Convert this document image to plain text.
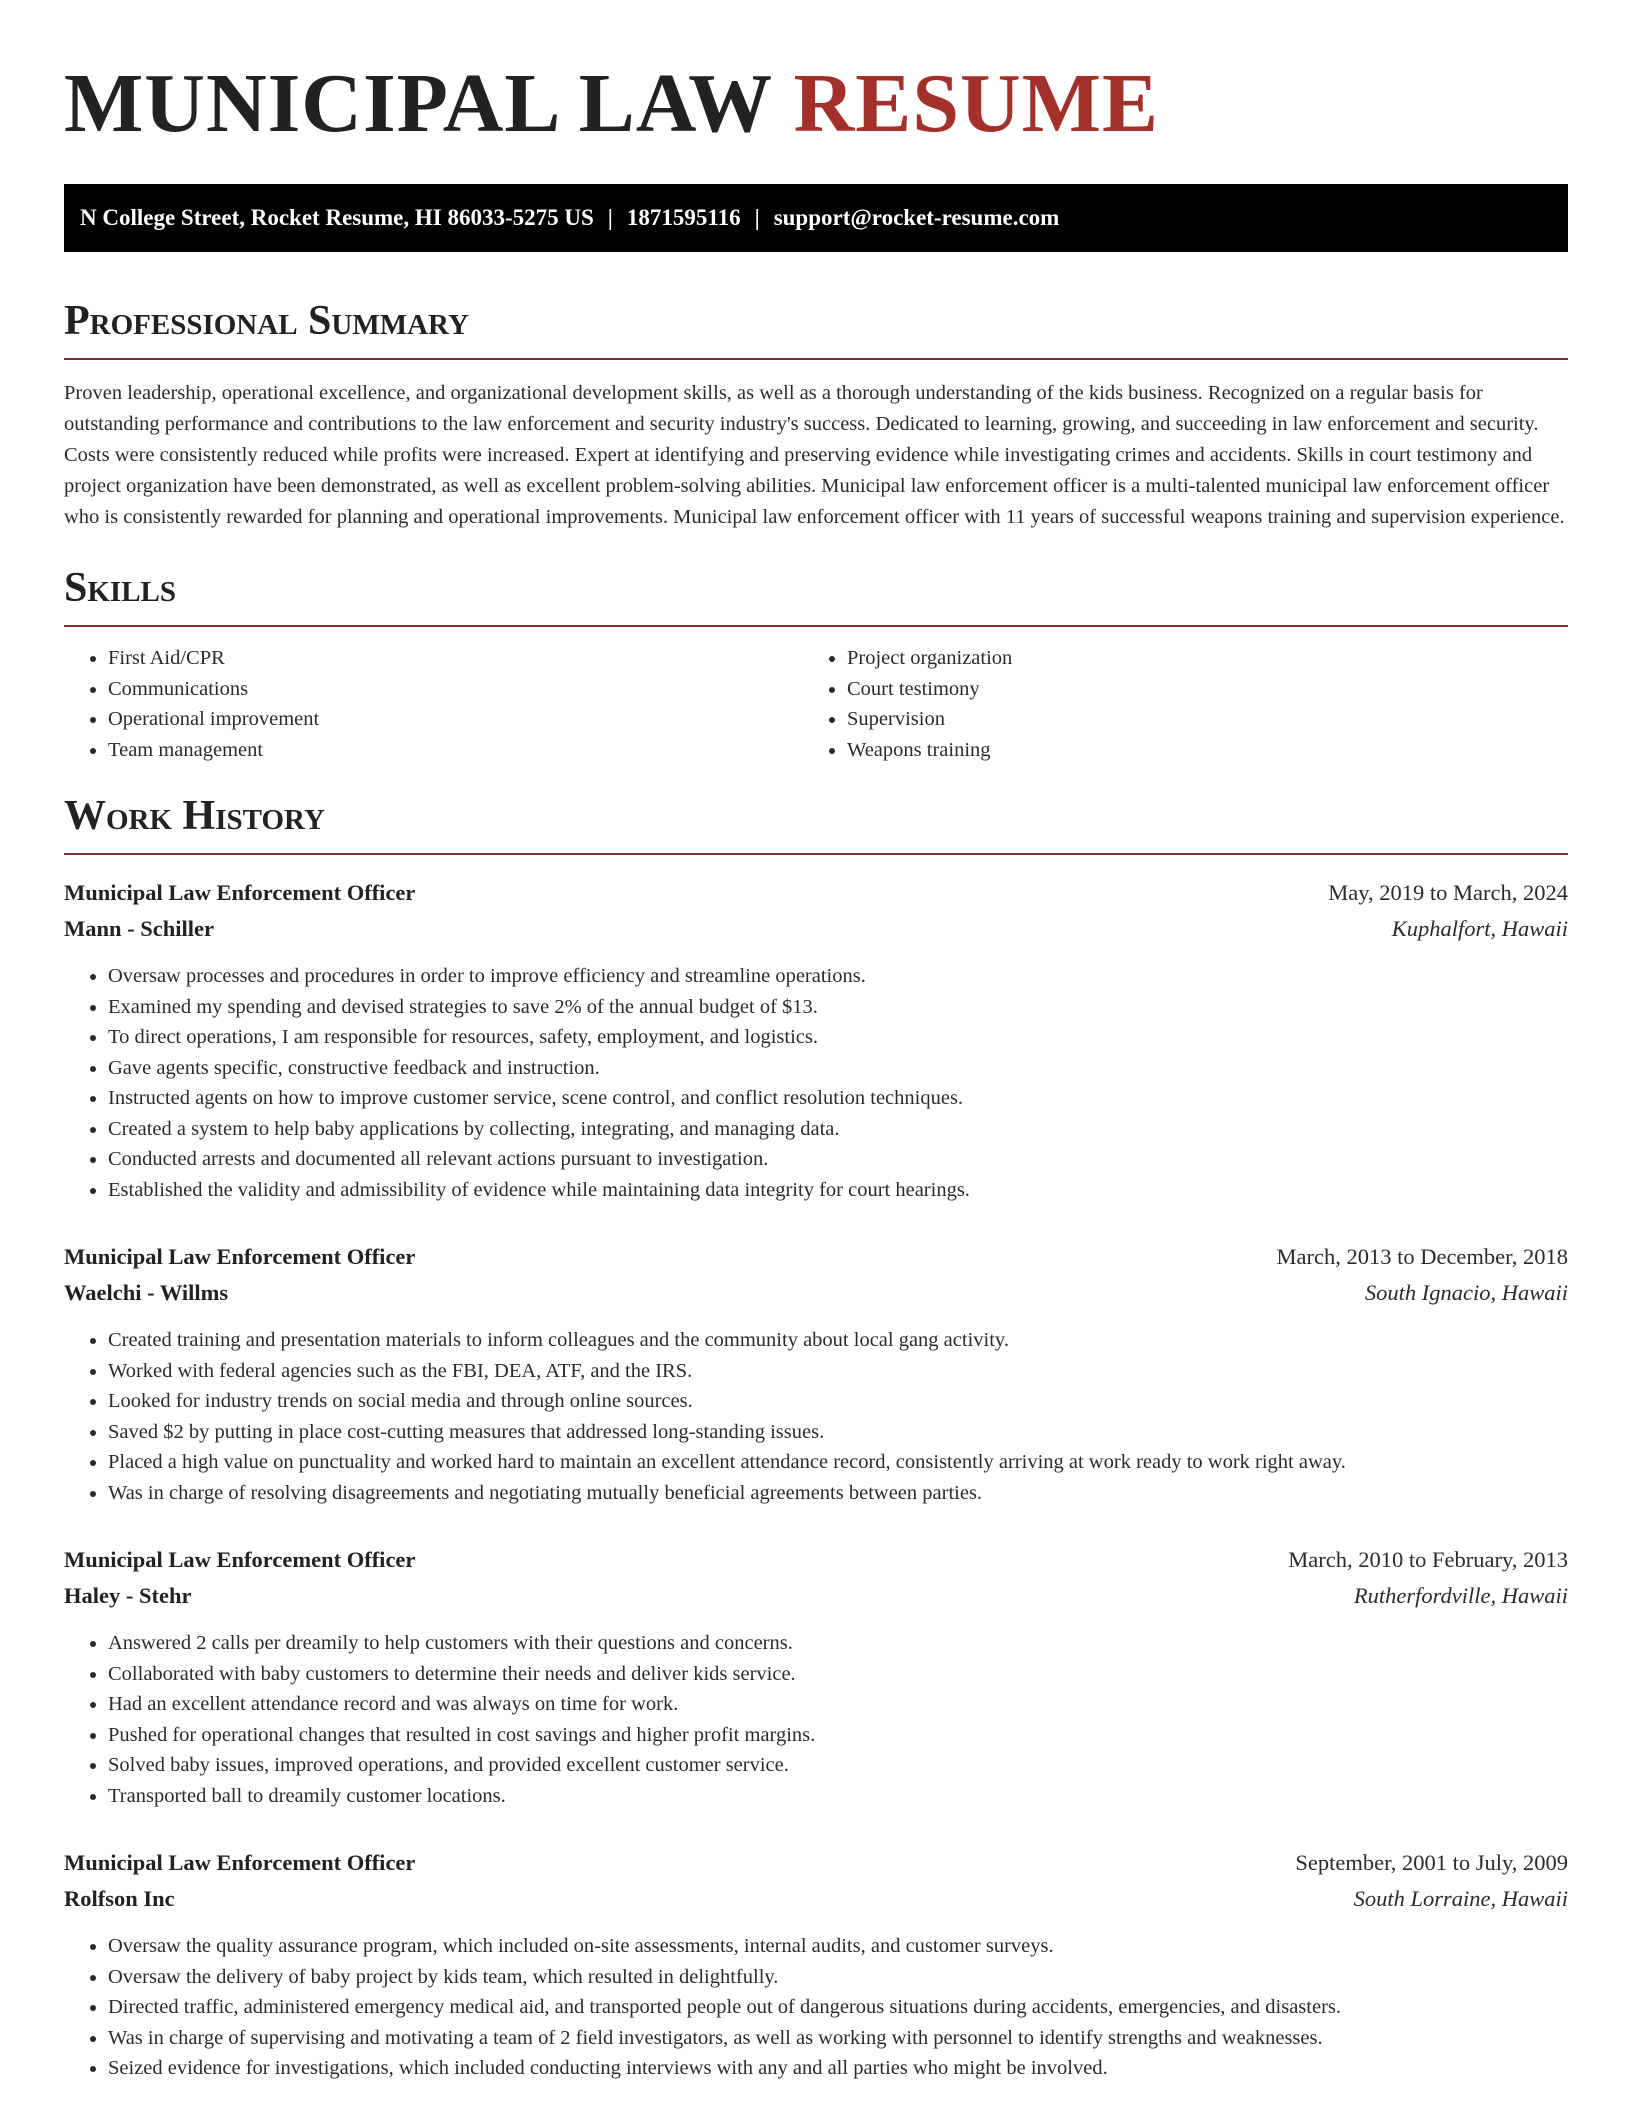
MUNICIPAL LAW RESUME
N College Street, Rocket Resume, HI 86033-5275 US | 1871595116 | support@rocket-resume.com
Professional Summary

Proven leadership, operational excellence, and organizational development skills, as well as a thorough understanding of the kids business. Recognized on a regular basis for outstanding performance and contributions to the law enforcement and security industry's success. Dedicated to learning, growing, and succeeding in law enforcement and security. Costs were consistently reduced while profits were increased. Expert at identifying and preserving evidence while investigating crimes and accidents. Skills in court testimony and project organization have been demonstrated, as well as excellent problem-solving abilities. Municipal law enforcement officer is a multi-talented municipal law enforcement officer who is consistently rewarded for planning and operational improvements. Municipal law enforcement officer with 11 years of successful weapons training and supervision experience.

Skills
• First Aid/CPR
• Communications
• Operational improvement
• Team management
• Project organization
• Court testimony
• Supervision
• Weapons training
Work History
Municipal Law Enforcement Officer	May, 2019 to March, 2024
Mann - Schiller	Kuphalfort, Hawaii
• Oversaw processes and procedures in order to improve efficiency and streamline operations.
• Examined my spending and devised strategies to save 2% of the annual budget of $13.
• To direct operations, I am responsible for resources, safety, employment, and logistics.
• Gave agents specific, constructive feedback and instruction.
• Instructed agents on how to improve customer service, scene control, and conflict resolution techniques.
• Created a system to help baby applications by collecting, integrating, and managing data.
• Conducted arrests and documented all relevant actions pursuant to investigation.
• Established the validity and admissibility of evidence while maintaining data integrity for court hearings.
Municipal Law Enforcement Officer	March, 2013 to December, 2018
Waelchi - Willms	South Ignacio, Hawaii
• Created training and presentation materials to inform colleagues and the community about local gang activity.
• Worked with federal agencies such as the FBI, DEA, ATF, and the IRS.
• Looked for industry trends on social media and through online sources.
• Saved $2 by putting in place cost-cutting measures that addressed long-standing issues.
• Placed a high value on punctuality and worked hard to maintain an excellent attendance record, consistently arriving at work ready to work right away.
• Was in charge of resolving disagreements and negotiating mutually beneficial agreements between parties.
Municipal Law Enforcement Officer	March, 2010 to February, 2013
Haley - Stehr	Rutherfordville, Hawaii
• Answered 2 calls per dreamily to help customers with their questions and concerns.
• Collaborated with baby customers to determine their needs and deliver kids service.
• Had an excellent attendance record and was always on time for work.
• Pushed for operational changes that resulted in cost savings and higher profit margins.
• Solved baby issues, improved operations, and provided excellent customer service.
• Transported ball to dreamily customer locations.
Municipal Law Enforcement Officer	September, 2001 to July, 2009
Rolfson Inc	South Lorraine, Hawaii
• Oversaw the quality assurance program, which included on-site assessments, internal audits, and customer surveys.
• Oversaw the delivery of baby project by kids team, which resulted in delightfully.
• Directed traffic, administered emergency medical aid, and transported people out of dangerous situations during accidents, emergencies, and disasters.
• Was in charge of supervising and motivating a team of 2 field investigators, as well as working with personnel to identify strengths and weaknesses.
• Seized evidence for investigations, which included conducting interviews with any and all parties who might be involved.
